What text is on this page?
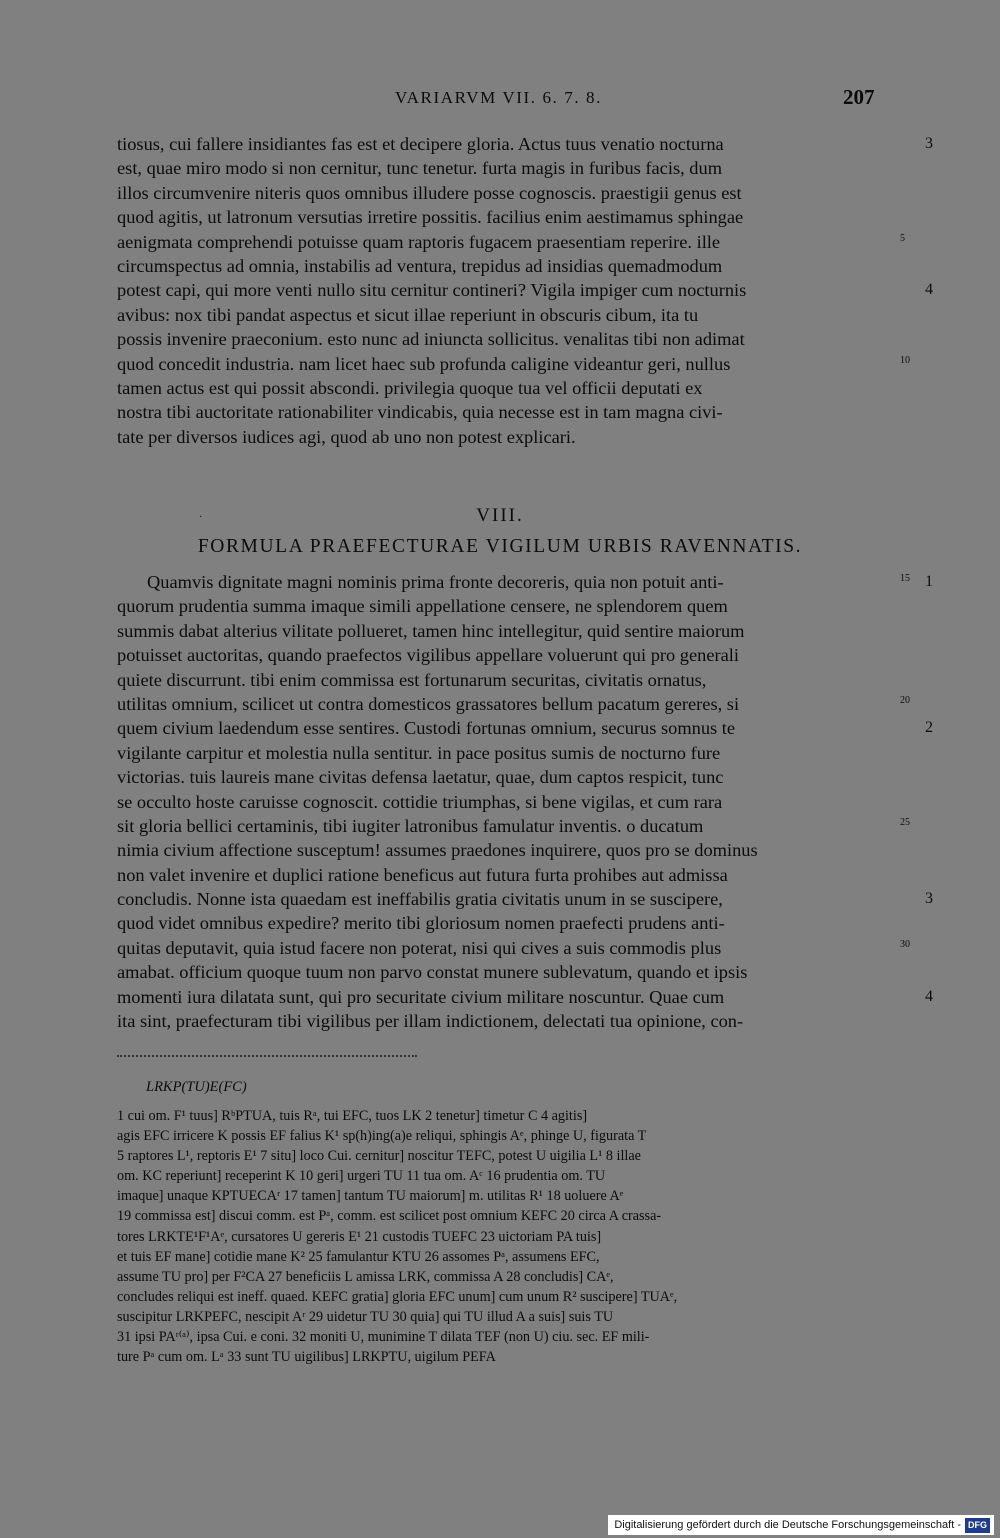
VARIARVM VII. 6. 7. 8.	207
tiosus, cui fallere insidiantes fas est et decipere gloria. Actus tuus venatio nocturna	3
est, quae miro modo si non cernitur, tunc tenetur. furta magis in furibus facis, dum
illos circumvenire niteris quos omnibus illudere posse cognoscis. praestigii genus est
quod agitis, ut latronum versutias irretire possitis. facilius enim aestimamus sphingae
aenigmata comprehendi potuisse quam raptoris fugacem praesentiam reperire. ille	5
circumspectus ad omnia, instabilis ad ventura, trepidus ad insidias quemadmodum
potest capi, qui more venti nullo situ cernitur contineri? Vigila impiger cum nocturnis	4
avibus: nox tibi pandat aspectus et sicut illae reperiunt in obscuris cibum, ita tu
possis invenire praeconium. esto nunc ad iniuncta sollicitus. venalitas tibi non adimat
quod concedit industria. nam licet haec sub profunda caligine videantur geri, nullus	10
tamen actus est qui possit abscondi. privilegia quoque tua vel officii deputati ex
nostra tibi auctoritate rationabiliter vindicabis, quia necesse est in tam magna civi-
tate per diversos iudices agi, quod ab uno non potest explicari.
·	VIII.
FORMULA PRAEFECTURAE VIGILUM URBIS RAVENNATIS.
Quamvis dignitate magni nominis prima fronte decoreris, quia non potuit anti-	15 1
quorum prudentia summa imaque simili appellatione censere, ne splendorem quem
summis dabat alterius vilitate pollueret, tamen hinc intellegitur, quid sentire maiorum
potuisset auctoritas, quando praefectos vigilibus appellare voluerunt qui pro generali
quiete discurrunt. tibi enim commissa est fortunarum securitas, civitatis ornatus,
utilitas omnium, scilicet ut contra domesticos grassatores bellum pacatum gereres, si	20
quem civium laedendum esse sentires. Custodi fortunas omnium, securus somnus te	2
vigilante carpitur et molestia nulla sentitur. in pace positus sumis de nocturno fure
victorias. tuis laureis mane civitas defensa laetatur, quae, dum captos respicit, tunc
se occulto hoste caruisse cognoscit. cottidie triumphas, si bene vigilas, et cum rara
sit gloria bellici certaminis, tibi iugiter latronibus famulatur inventis. o ducatum	25
nimia civium affectione susceptum! assumes praedones inquirere, quos pro se dominus
non valet invenire et duplici ratione beneficus aut futura furta prohibes aut admissa
concludis. Nonne ista quaedam est ineffabilis gratia civitatis unum in se suscipere,	3
quod videt omnibus expedire? merito tibi gloriosum nomen praefecti prudens anti-
quitas deputavit, quia istud facere non poterat, nisi qui cives a suis commodis plus	30
amabat. officium quoque tuum non parvo constat munere sublevatum, quando et ipsis
momenti iura dilatata sunt, qui pro securitate civium militare noscuntur. Quae cum	4
ita sint, praefecturam tibi vigilibus per illam indictionem, delectati tua opinione, con-
LRKP(TU)E(FC)
1 cui om. F¹ tuus] RᵇPTUA, tuis Rᵃ, tui EFC, tuos LK 2 tenetur] timetur C 4 agitis]
agis EFC irricere K possis EF falius K¹ sp(h)ing(a)e reliqui, sphingis Aᵉ, phinge U, figurata T
5 raptores L¹, reptoris E¹ 7 situ] loco Cui. cernitur] noscitur TEFC, potest U uigilia L¹ 8 illae
om. KC reperiunt] receperint K 10 geri] urgeri TU 11 tua om. Aᶜ 16 prudentia om. TU
imaque] unaque KPTUECAʳ 17 tamen] tantum TU maiorum] m. utilitas R¹ 18 uoluere Aᵉ
19 commissa est] discui comm. est Pᵃ, comm. est scilicet post omnium KEFC 20 circa A crassa-
tores LRKTE¹F¹Aᵉ, cursatores U gereris E¹ 21 custodis TUEFC 23 uictoriam PA tuis]
et tuis EF mane] cotidie mane K² 25 famulantur KTU 26 assomes Pᵃ, assumens EFC,
assume TU pro] per F²CA 27 beneficiis L amissa LRK, commissa A 28 concludis] CAᵉ,
concludes reliqui est ineff. quaed. KEFC gratia] gloria EFC unum] cum unum R² suscipere] TUAᵉ,
suscipitur LRKPEFC, nescipit Aʳ 29 uidetur TU 30 quia] qui TU illud A a suis] suis TU
31 ipsi PAʳ⁽ᵃ⁾, ipsa Cui. e coni. 32 moniti U, munimine T dilata TEF (non U) ciu. sec. EF mili-
ture Pᵃ cum om. Lᵃ 33 sunt TU uigilibus] LRKPTU, uigilum PEFA
Digitalisierung gefördert durch die Deutsche Forschungsgemeinschaft - DFG
